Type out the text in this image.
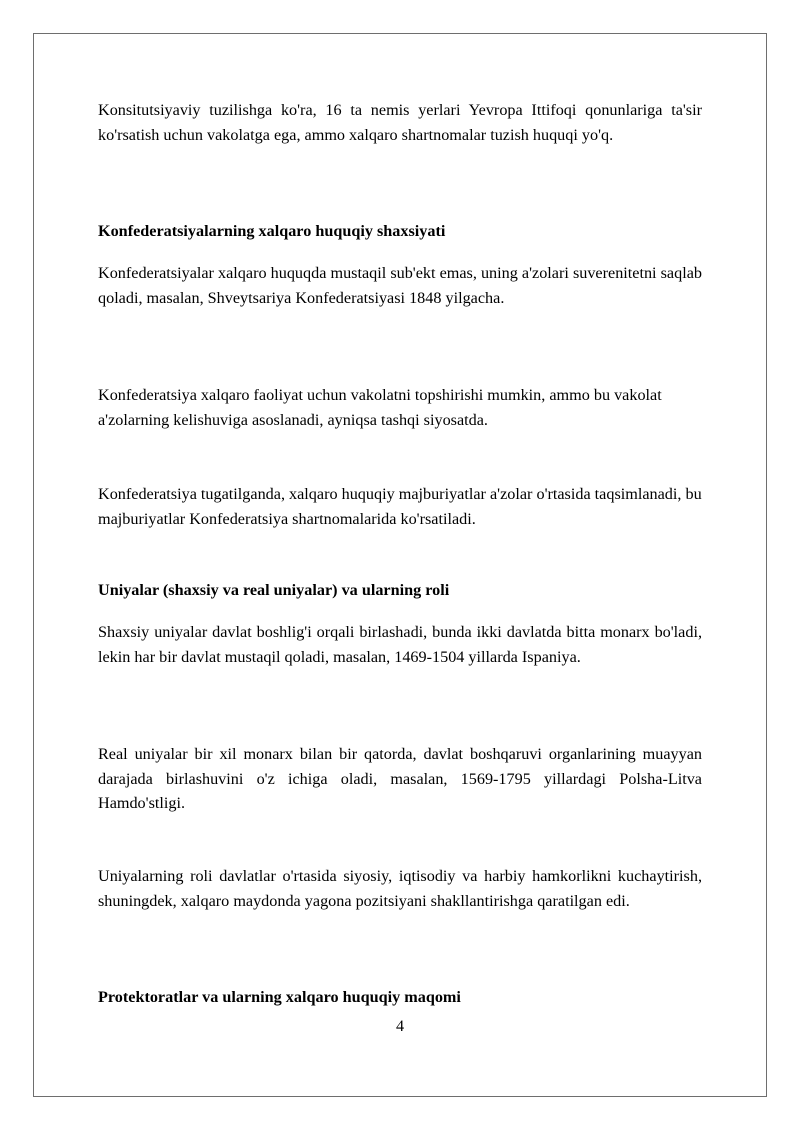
Konsitutsiyaviy tuzilishga ko'ra, 16 ta nemis yerlari Yevropa Ittifoqi qonunlariga ta'sir ko'rsatish uchun vakolatga ega, ammo xalqaro shartnomalar tuzish huquqi yo'q.

Konfederatsiyalarning xalqaro huquqiy shaxsiyati

Konfederatsiyalar xalqaro huquqda mustaqil sub'ekt emas, uning a'zolari suverenitetni saqlab qoladi, masalan, Shveytsariya Konfederatsiyasi 1848 yilgacha.

Konfederatsiya xalqaro faoliyat uchun vakolatni topshirishi mumkin, ammo bu vakolat a'zolarning kelishuviga asoslanadi, ayniqsa tashqi siyosatda.

Konfederatsiya tugatilganda, xalqaro huquqiy majburiyatlar a'zolar o'rtasida taqsimlanadi, bu majburiyatlar Konfederatsiya shartnomalarida ko'rsatiladi.

Uniyalar (shaxsiy va real uniyalar) va ularning roli

Shaxsiy uniyalar davlat boshlig'i orqali birlashadi, bunda ikki davlatda bitta monarx bo'ladi, lekin har bir davlat mustaqil qoladi, masalan, 1469-1504 yillarda Ispaniya.

Real uniyalar bir xil monarx bilan bir qatorda, davlat boshqaruvi organlarining muayyan darajada birlashuvini o'z ichiga oladi, masalan, 1569-1795 yillardagi Polsha-Litva Hamdo'stligi.

Uniyalarning roli davlatlar o'rtasida siyosiy, iqtisodiy va harbiy hamkorlikni kuchaytirish, shuningdek, xalqaro maydonda yagona pozitsiyani shakllantirishga qaratilgan edi.

Protektoratlar va ularning xalqaro huquqiy maqomi
4
